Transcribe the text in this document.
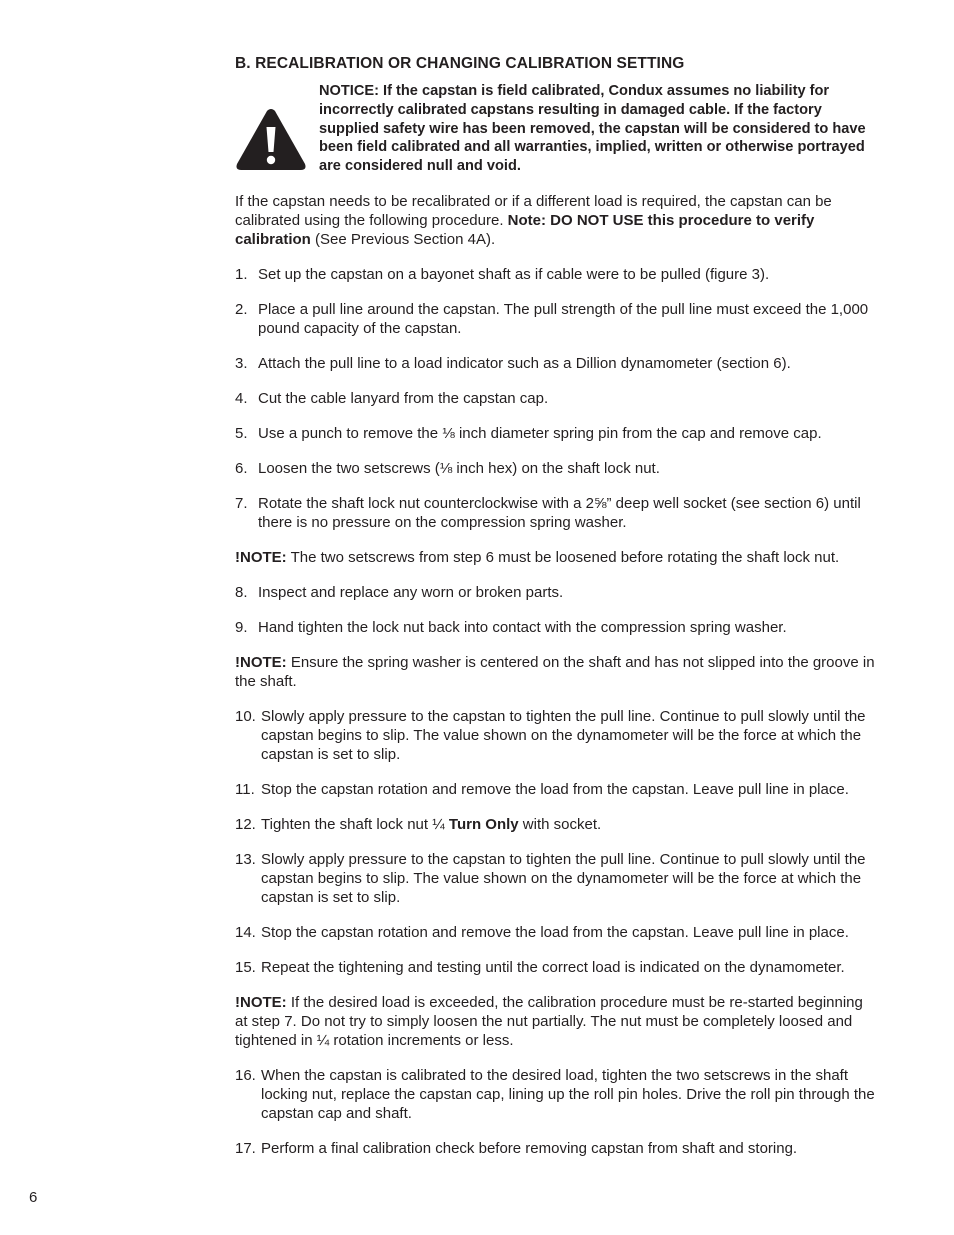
B. RECALIBRATION OR CHANGING CALIBRATION SETTING
NOTICE: If the capstan is field calibrated, Condux assumes no liability for incorrectly calibrated capstans resulting in damaged cable. If the factory supplied safety wire has been removed, the capstan will be considered to have been field calibrated and all warranties, implied, written or otherwise portrayed are considered null and void.
If the capstan needs to be recalibrated or if a different load is required, the capstan can be calibrated using the following procedure. Note: DO NOT USE this procedure to verify calibration (See Previous Section 4A).
1. Set up the capstan on a bayonet shaft as if cable were to be pulled (figure 3).
2. Place a pull line around the capstan. The pull strength of the pull line must exceed the 1,000 pound capacity of the capstan.
3. Attach the pull line to a load indicator such as a Dillion dynamometer (section 6).
4. Cut the cable lanyard from the capstan cap.
5. Use a punch to remove the ⅛ inch diameter spring pin from the cap and remove cap.
6. Loosen the two setscrews (⅛ inch hex) on the shaft lock nut.
7. Rotate the shaft lock nut counterclockwise with a 2⅝” deep well socket (see section 6) until there is no pressure on the compression spring washer.
!NOTE: The two setscrews from step 6 must be loosened before rotating the shaft lock nut.
8. Inspect and replace any worn or broken parts.
9. Hand tighten the lock nut back into contact with the compression spring washer.
!NOTE: Ensure the spring washer is centered on the shaft and has not slipped into the groove in the shaft.
10. Slowly apply pressure to the capstan to tighten the pull line. Continue to pull slowly until the capstan begins to slip. The value shown on the dynamometer will be the force at which the capstan is set to slip.
11. Stop the capstan rotation and remove the load from the capstan. Leave pull line in place.
12. Tighten the shaft lock nut ¼ Turn Only with socket.
13. Slowly apply pressure to the capstan to tighten the pull line. Continue to pull slowly until the capstan begins to slip. The value shown on the dynamometer will be the force at which the capstan is set to slip.
14. Stop the capstan rotation and remove the load from the capstan. Leave pull line in place.
15. Repeat the tightening and testing until the correct load is indicated on the dynamometer.
!NOTE: If the desired load is exceeded, the calibration procedure must be re-started beginning at step 7. Do not try to simply loosen the nut partially. The nut must be completely loosed and tightened in ¼ rotation increments or less.
16. When the capstan is calibrated to the desired load, tighten the two setscrews in the shaft locking nut, replace the capstan cap, lining up the roll pin holes. Drive the roll pin through the capstan cap and shaft.
17. Perform a final calibration check before removing capstan from shaft and storing.
6
